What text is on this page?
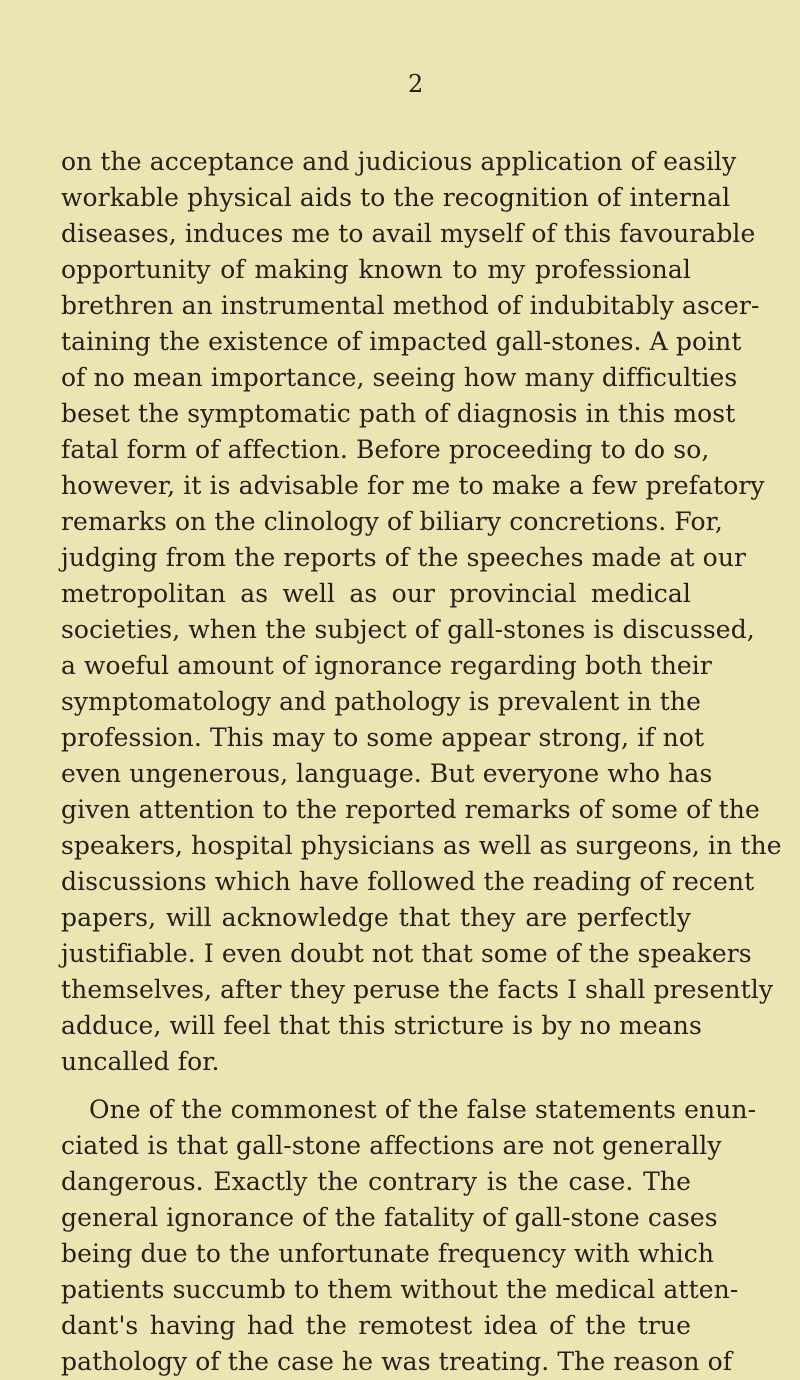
2
on the acceptance and judicious application of easily
workable physical aids to the recognition of internal
diseases, induces me to avail myself of this favourable
opportunity of making known to my professional
brethren an instrumental method of indubitably ascer-
taining the existence of impacted gall-stones. A point
of no mean importance, seeing how many difficulties
beset the symptomatic path of diagnosis in this most
fatal form of affection. Before proceeding to do so,
however, it is advisable for me to make a few prefatory
remarks on the clinology of biliary concretions. For,
judging from the reports of the speeches made at our
metropolitan as well as our provincial medical
societies, when the subject of gall-stones is discussed,
a woeful amount of ignorance regarding both their
symptomatology and pathology is prevalent in the
profession. This may to some appear strong, if not
even ungenerous, language. But everyone who has
given attention to the reported remarks of some of the
speakers, hospital physicians as well as surgeons, in the
discussions which have followed the reading of recent
papers, will acknowledge that they are perfectly
justifiable. I even doubt not that some of the speakers
themselves, after they peruse the facts I shall presently
adduce, will feel that this stricture is by no means
uncalled for.
One of the commonest of the false statements enun-
ciated is that gall-stone affections are not generally
dangerous. Exactly the contrary is the case. The
general ignorance of the fatality of gall-stone cases
being due to the unfortunate frequency with which
patients succumb to them without the medical atten-
dant's having had the remotest idea of the true
pathology of the case he was treating. The reason of
